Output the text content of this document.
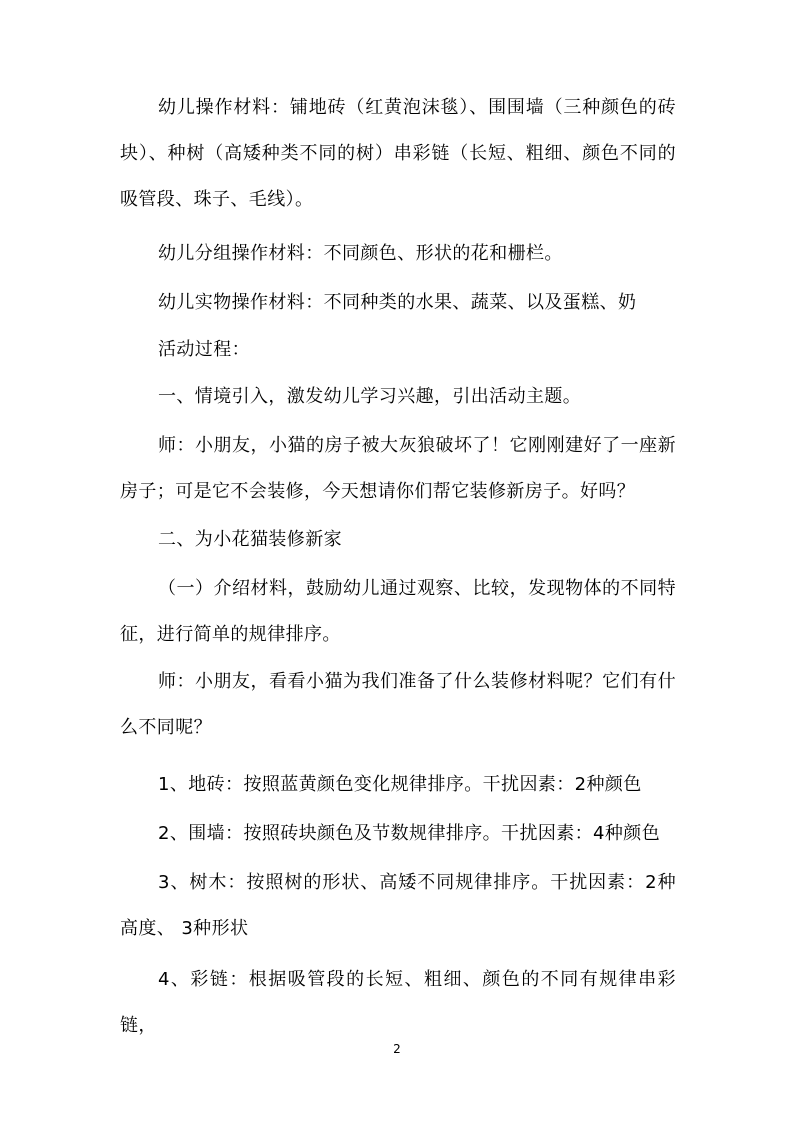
幼儿操作材料：铺地砖（红黄泡沫毯）、围围墙（三种颜色的砖块）、种树（高矮种类不同的树）串彩链（长短、粗细、颜色不同的吸管段、珠子、毛线）。

幼儿分组操作材料：不同颜色、形状的花和栅栏。

幼儿实物操作材料：不同种类的水果、蔬菜、以及蛋糕、奶

活动过程：

一、情境引入，激发幼儿学习兴趣，引出活动主题。

师：小朋友，小猫的房子被大灰狼破坏了！它刚刚建好了一座新房子；可是它不会装修，今天想请你们帮它装修新房子。好吗？

二、为小花猫装修新家

（一）介绍材料，鼓励幼儿通过观察、比较，发现物体的不同特征，进行简单的规律排序。

师：小朋友，看看小猫为我们准备了什么装修材料呢？它们有什么不同呢？

1、地砖：按照蓝黄颜色变化规律排序。干扰因素：2种颜色

2、围墙：按照砖块颜色及节数规律排序。干扰因素：4种颜色

3、树木：按照树的形状、高矮不同规律排序。干扰因素：2种高度、 3种形状

4、彩链：根据吸管段的长短、粗细、颜色的不同有规律串彩链，

2
